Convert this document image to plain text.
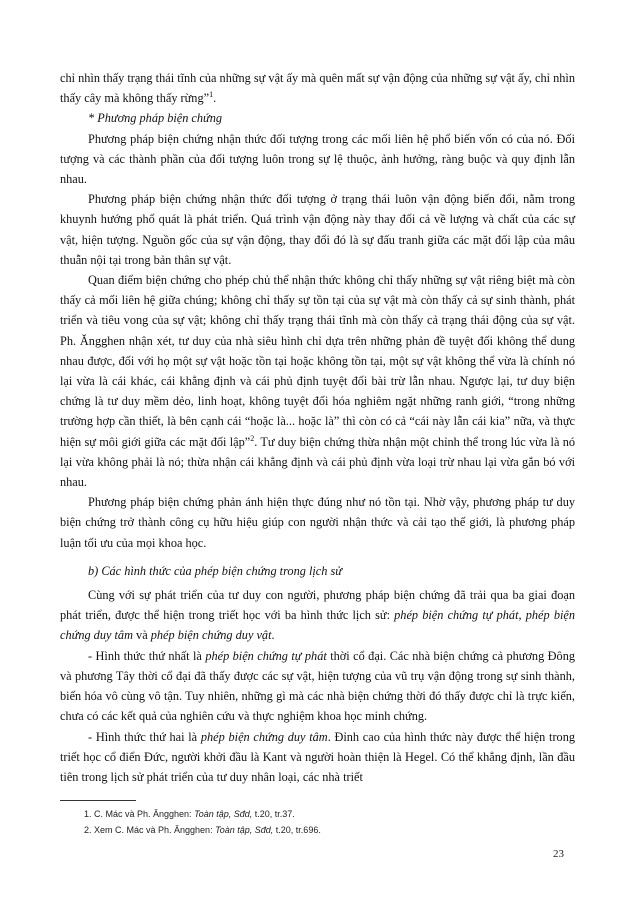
chỉ nhìn thấy trạng thái tĩnh của những sự vật ấy mà quên mất sự vận động của những sự vật ấy, chỉ nhìn thấy cây mà không thấy rừng”$^1$.

* Phương pháp biện chứng

Phương pháp biện chứng nhận thức đối tượng trong các mối liên hệ phổ biến vốn có của nó. Đối tượng và các thành phần của đối tượng luôn trong sự lệ thuộc, ảnh hưởng, ràng buộc và quy định lẫn nhau.

Phương pháp biện chứng nhận thức đối tượng ở trạng thái luôn vận động biến đổi, nằm trong khuynh hướng phổ quát là phát triển. Quá trình vận động này thay đổi cả về lượng và chất của các sự vật, hiện tượng. Nguồn gốc của sự vận động, thay đổi đó là sự đấu tranh giữa các mặt đối lập của mâu thuẫn nội tại trong bản thân sự vật.

Quan điểm biện chứng cho phép chủ thể nhận thức không chỉ thấy những sự vật riêng biệt mà còn thấy cả mối liên hệ giữa chúng; không chỉ thấy sự tồn tại của sự vật mà còn thấy cả sự sinh thành, phát triển và tiêu vong của sự vật; không chỉ thấy trạng thái tĩnh mà còn thấy cả trạng thái động của sự vật. Ph. Ăngghen nhận xét, tư duy của nhà siêu hình chỉ dựa trên những phản đề tuyệt đối không thể dung nhau được, đối với họ một sự vật hoặc tồn tại hoặc không tồn tại, một sự vật không thể vừa là chính nó lại vừa là cái khác, cái khẳng định và cái phủ định tuyệt đối bài trừ lẫn nhau. Ngược lại, tư duy biện chứng là tư duy mềm dẻo, linh hoạt, không tuyệt đối hóa nghiêm ngặt những ranh giới, “trong những trường hợp cần thiết, là bên cạnh cái “hoặc là... hoặc là” thì còn có cả “cái này lẫn cái kia” nữa, và thực hiện sự môi giới giữa các mặt đối lập”$^2$. Tư duy biện chứng thừa nhận một chỉnh thể trong lúc vừa là nó lại vừa không phải là nó; thừa nhận cái khẳng định và cái phủ định vừa loại trừ nhau lại vừa gắn bó với nhau.

Phương pháp biện chứng phản ánh hiện thực đúng như nó tồn tại. Nhờ vậy, phương pháp tư duy biện chứng trở thành công cụ hữu hiệu giúp con người nhận thức và cải tạo thế giới, là phương pháp luận tối ưu của mọi khoa học.

b) Các hình thức của phép biện chứng trong lịch sử

Cùng với sự phát triển của tư duy con người, phương pháp biện chứng đã trải qua ba giai đoạn phát triển, được thể hiện trong triết học với ba hình thức lịch sử: phép biện chứng tự phát, phép biện chứng duy tâm và phép biện chứng duy vật.

- Hình thức thứ nhất là phép biện chứng tự phát thời cổ đại. Các nhà biện chứng cả phương Đông và phương Tây thời cổ đại đã thấy được các sự vật, hiện tượng của vũ trụ vận động trong sự sinh thành, biến hóa vô cùng vô tận. Tuy nhiên, những gì mà các nhà biện chứng thời đó thấy được chỉ là trực kiến, chưa có các kết quả của nghiên cứu và thực nghiệm khoa học minh chứng.

- Hình thức thứ hai là phép biện chứng duy tâm. Đỉnh cao của hình thức này được thể hiện trong triết học cổ điển Đức, người khởi đầu là Kant và người hoàn thiện là Hegel. Có thể khẳng định, lần đầu tiên trong lịch sử phát triển của tư duy nhân loại, các nhà triết

1. C. Mác và Ph. Ăngghen: Toàn tập, Sđd, t.20, tr.37.

2. Xem C. Mác và Ph. Ăngghen: Toàn tập, Sđd, t.20, tr.696.

23
